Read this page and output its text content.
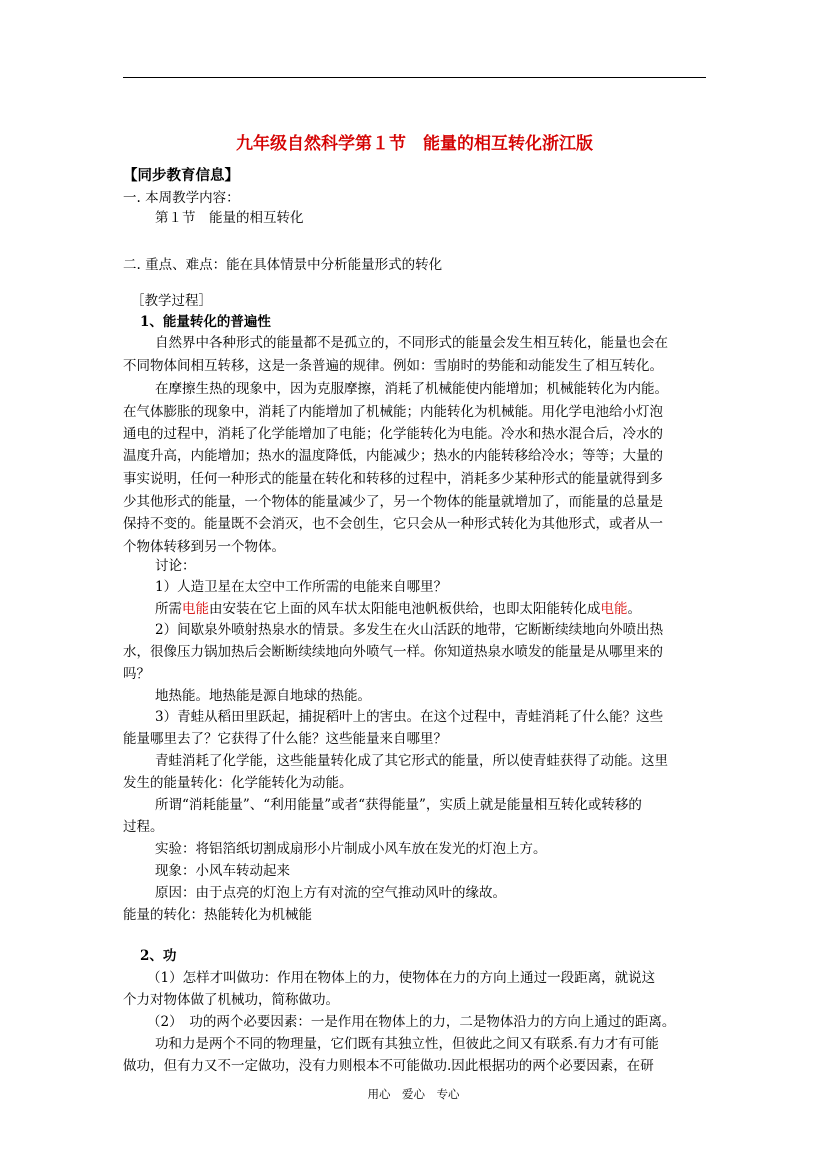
九年级自然科学第１节　能量的相互转化浙江版
【同步教育信息】
一. 本周教学内容：
第１节　能量的相互转化
二. 重点、难点：能在具体情景中分析能量形式的转化
［教学过程］
1、能量转化的普遍性
自然界中各种形式的能量都不是孤立的，不同形式的能量会发生相互转化，能量也会在
不同物体间相互转移，这是一条普遍的规律。例如：雪崩时的势能和动能发生了相互转化。
在摩擦生热的现象中，因为克服摩擦，消耗了机械能使内能增加；机械能转化为内能。
在气体膨胀的现象中，消耗了内能增加了机械能；内能转化为机械能。用化学电池给小灯泡
通电的过程中，消耗了化学能增加了电能；化学能转化为电能。冷水和热水混合后，冷水的
温度升高，内能增加；热水的温度降低，内能减少；热水的内能转移给冷水；等等；大量的
事实说明，任何一种形式的能量在转化和转移的过程中，消耗多少某种形式的能量就得到多
少其他形式的能量，一个物体的能量减少了，另一个物体的能量就增加了，而能量的总量是
保持不变的。能量既不会消灭，也不会创生，它只会从一种形式转化为其他形式，或者从一
个物体转移到另一个物体。
讨论：
1）人造卫星在太空中工作所需的电能来自哪里？
所需电能由安装在它上面的风车状太阳能电池帆板供给，也即太阳能转化成电能。
2）间歇泉外喷射热泉水的情景。多发生在火山活跃的地带，它断断续续地向外喷出热
水，很像压力锅加热后会断断续续地向外喷气一样。你知道热泉水喷发的能量是从哪里来的
吗？
地热能。地热能是源自地球的热能。
3）青蛙从稻田里跃起，捕捉稻叶上的害虫。在这个过程中，青蛙消耗了什么能？这些
能量哪里去了？它获得了什么能？这些能量来自哪里？
青蛙消耗了化学能，这些能量转化成了其它形式的能量，所以使青蛙获得了动能。这里
发生的能量转化：化学能转化为动能。
所谓“消耗能量”、“利用能量”或者“获得能量”，实质上就是能量相互转化或转移的
过程。
实验：将铝箔纸切割成扇形小片制成小风车放在发光的灯泡上方。
现象：小风车转动起来
原因：由于点亮的灯泡上方有对流的空气推动风叶的缘故。
能量的转化：热能转化为机械能
2、功
（1）怎样才叫做功：作用在物体上的力，使物体在力的方向上通过一段距离，就说这
个力对物体做了机械功，简称做功。
（2）　功的两个必要因素：一是作用在物体上的力，二是物体沿力的方向上通过的距离。
功和力是两个不同的物理量，它们既有其独立性，但彼此之间又有联系.有力才有可能
做功，但有力又不一定做功，没有力则根本不可能做功.因此根据功的两个必要因素，在研
用心　爱心　专心
